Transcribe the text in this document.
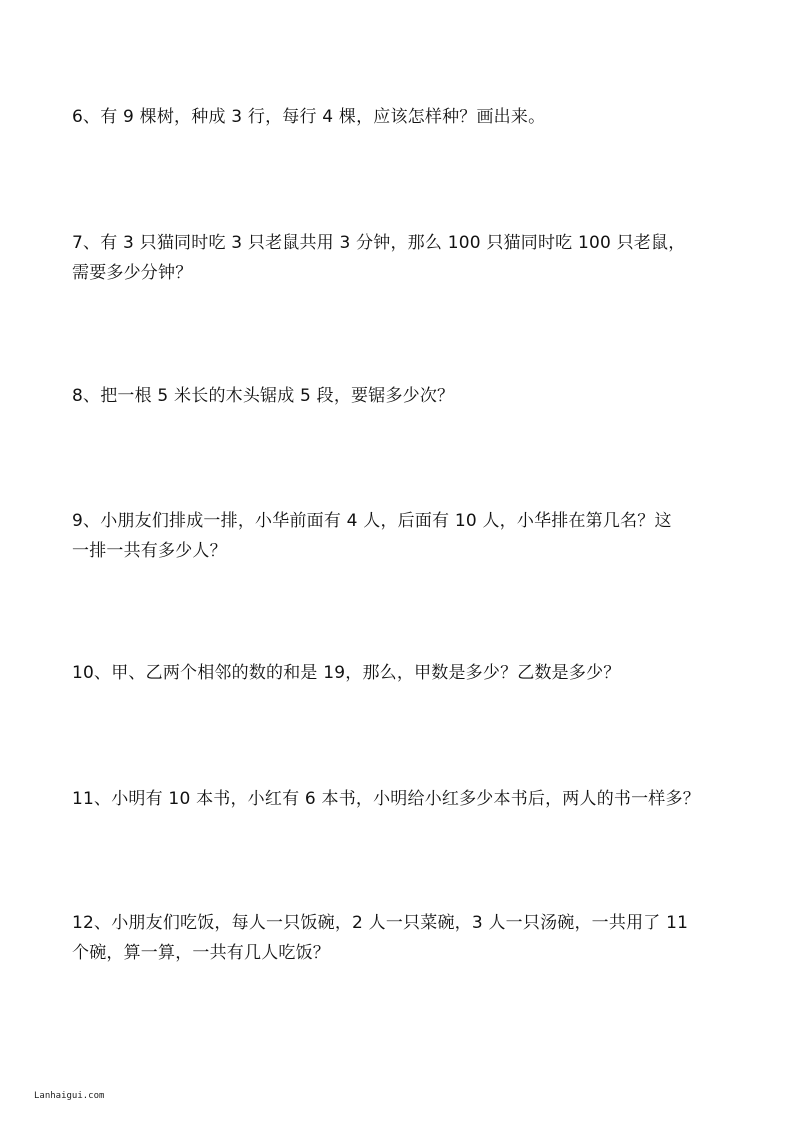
6、有 9 棵树，种成 3 行，每行 4 棵，应该怎样种？画出来。

7、有 3 只猫同时吃 3 只老鼠共用 3 分钟，那么 100 只猫同时吃 100 只老鼠，
需要多少分钟？

8、把一根 5 米长的木头锯成 5 段，要锯多少次？

9、小朋友们排成一排，小华前面有 4 人，后面有 10 人，小华排在第几名？这
一排一共有多少人？

10、甲、乙两个相邻的数的和是 19，那么，甲数是多少？乙数是多少？

11、小明有 10 本书，小红有 6 本书，小明给小红多少本书后，两人的书一样多？

12、小朋友们吃饭，每人一只饭碗，2 人一只菜碗，3 人一只汤碗，一共用了 11
个碗，算一算，一共有几人吃饭？

Lanhaigui.com
